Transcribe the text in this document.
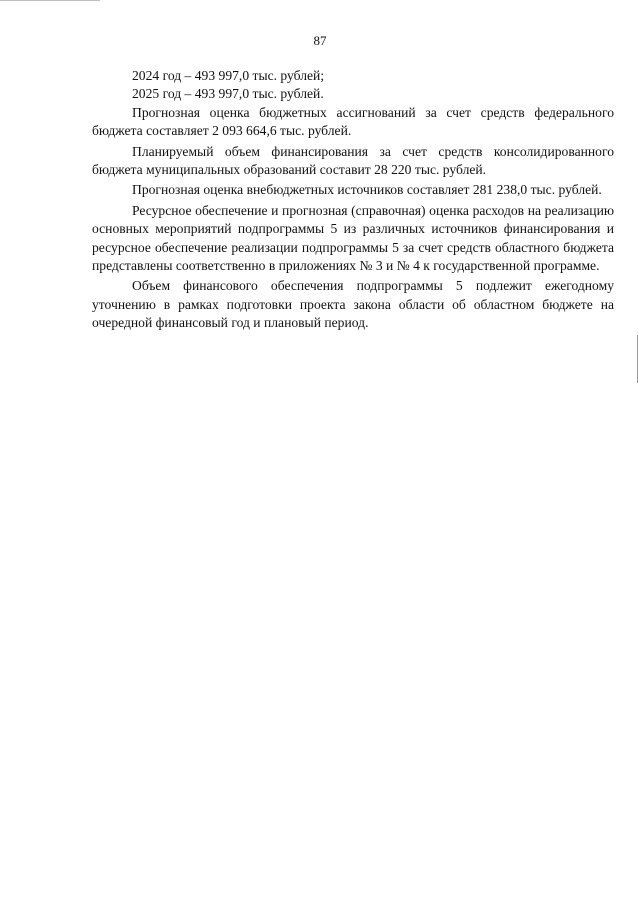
87

2024 год – 493 997,0 тыс. рублей;

2025 год – 493 997,0 тыс. рублей.

Прогнозная оценка бюджетных ассигнований за счет средств федерального бюджета составляет 2 093 664,6 тыс. рублей.

Планируемый объем финансирования за счет средств консолидированного бюджета муниципальных образований составит 28 220 тыс. рублей.

Прогнозная оценка внебюджетных источников составляет 281 238,0 тыс. рублей.

Ресурсное обеспечение и прогнозная (справочная) оценка расходов на реализацию основных мероприятий подпрограммы 5 из различных источников финансирования и ресурсное обеспечение реализации подпрограммы 5 за счет средств областного бюджета представлены соответственно в приложениях № 3 и № 4 к государственной программе.

Объем финансового обеспечения подпрограммы 5 подлежит ежегодному уточнению в рамках подготовки проекта закона области об областном бюджете на очередной финансовый год и плановый период.
